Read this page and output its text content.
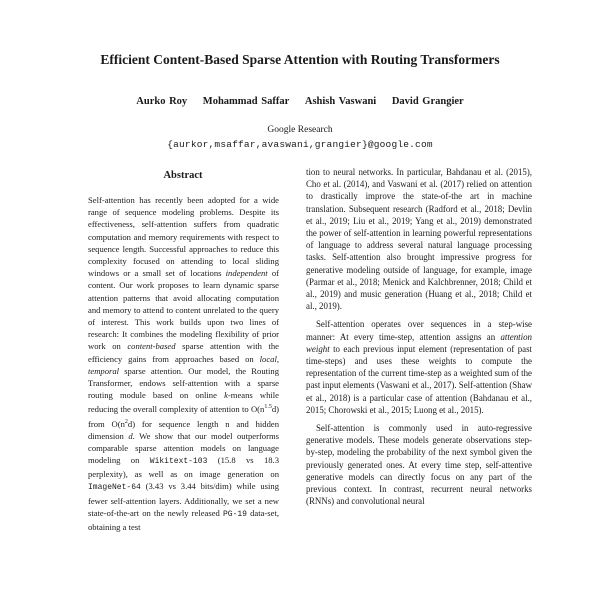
Efficient Content-Based Sparse Attention with Routing Transformers
Aurko Roy Mohammad Saffar Ashish Vaswani David Grangier
Google Research
{aurkor,msaffar,avaswani,grangier}@google.com
Abstract
Self-attention has recently been adopted for a wide range of sequence modeling problems. Despite its effectiveness, self-attention suffers from quadratic computation and memory requirements with respect to sequence length. Successful approaches to reduce this complexity focused on attending to local sliding windows or a small set of locations independent of content. Our work proposes to learn dynamic sparse attention patterns that avoid allocating computation and memory to attend to content unrelated to the query of interest. This work builds upon two lines of research: It combines the modeling flexibility of prior work on content-based sparse attention with the efficiency gains from approaches based on local, temporal sparse attention. Our model, the Routing Transformer, endows self-attention with a sparse routing module based on online k-means while reducing the overall complexity of attention to $O(n^{1.5}d)$ from $O(n^2d)$ for sequence length n and hidden dimension d. We show that our model outperforms comparable sparse attention models on language modeling on Wikitext-103 (15.8 vs 18.3 perplexity), as well as on image generation on ImageNet-64 (3.43 vs 3.44 bits/dim) while using fewer self-attention layers. Additionally, we set a new state-of-the-art on the newly released PG-19 data-set, obtaining a test

tion to neural networks. In particular, Bahdanau et al. (2015), Cho et al. (2014), and Vaswani et al. (2017) relied on attention to drastically improve the state-of-the art in machine translation. Subsequent research (Radford et al., 2018; Devlin et al., 2019; Liu et al., 2019; Yang et al., 2019) demonstrated the power of self-attention in learning powerful representations of language to address several natural language processing tasks. Self-attention also brought impressive progress for generative modeling outside of language, for example, image (Parmar et al., 2018; Menick and Kalchbrenner, 2018; Child et al., 2019) and music generation (Huang et al., 2018; Child et al., 2019).

Self-attention operates over sequences in a step-wise manner: At every time-step, attention assigns an attention weight to each previous input element (representation of past time-steps) and uses these weights to compute the representation of the current time-step as a weighted sum of the past input elements (Vaswani et al., 2017). Self-attention (Shaw et al., 2018) is a particular case of attention (Bahdanau et al., 2015; Chorowski et al., 2015; Luong et al., 2015).

Self-attention is commonly used in auto-regressive generative models. These models generate observations step-by-step, modeling the probability of the next symbol given the previously generated ones. At every time step, self-attentive generative models can directly focus on any part of the previous context. In contrast, recurrent neural networks (RNNs) and convolutional neural
